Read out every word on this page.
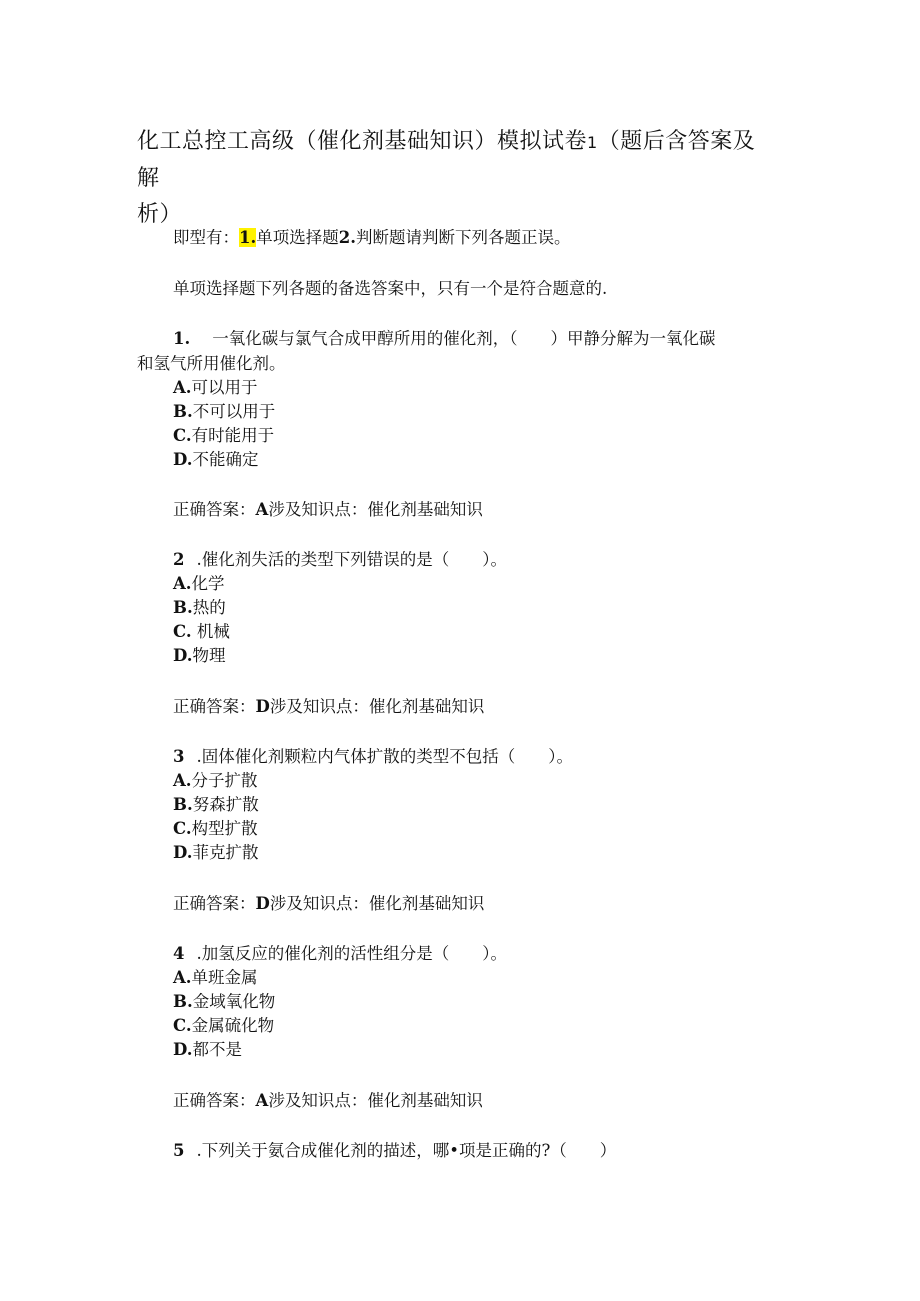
化工总控工高级（催化剂基础知识）模拟试卷1（题后含答案及解
析）
即型有：1.单项选择题2.判断题请判断下列各题正误。
单项选择题下列各题的备选答案中，只有一个是符合题意的.
1. 一氧化碳与氯气合成甲醇所用的催化剂，（　　）甲静分解为一氧化碳
和氢气所用催化剂。
A.可以用于
B.不可以用于
C.有时能用于
D.不能确定
正确答案：A涉及知识点：催化剂基础知识
2 .催化剂失活的类型下列错误的是（　　）。
A.化学
B.热的
C. 机械
D.物理
正确答案：D涉及知识点：催化剂基础知识
3 .固体催化剂颗粒内气体扩散的类型不包括（　　）。
A.分子扩散
B.努森扩散
C.构型扩散
D.菲克扩散
正确答案：D涉及知识点：催化剂基础知识
4 .加氢反应的催化剂的活性组分是（　　）。
A.单班金属
B.金域氧化物
C.金属硫化物
D.都不是
正确答案：A涉及知识点：催化剂基础知识
5 .下列关于氨合成催化剂的描述，哪•项是正确的?（　　）
